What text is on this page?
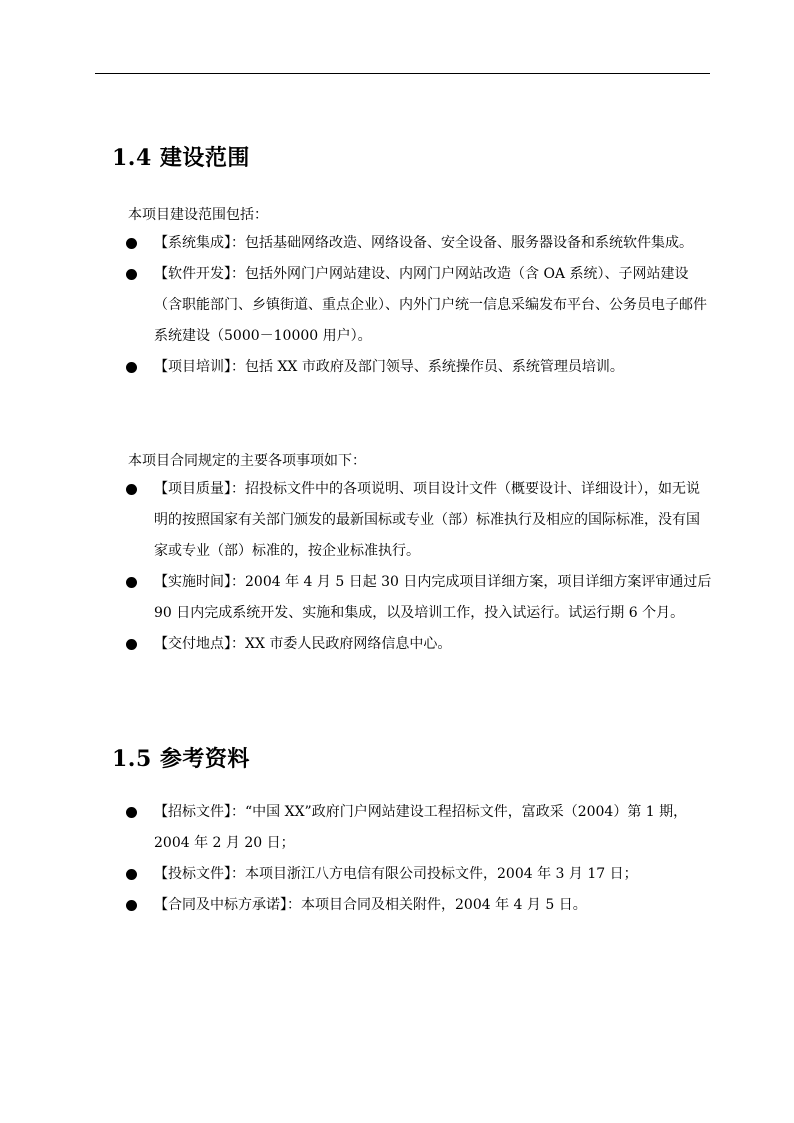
1.4 建设范围

本项目建设范围包括：

【系统集成】：包括基础网络改造、网络设备、安全设备、服务器设备和系统软件集成。
【软件开发】：包括外网门户网站建设、内网门户网站改造（含 OA 系统）、子网站建设（含职能部门、乡镇街道、重点企业）、内外门户统一信息采编发布平台、公务员电子邮件系统建设（5000－10000 用户）。
【项目培训】：包括 XX 市政府及部门领导、系统操作员、系统管理员培训。

本项目合同规定的主要各项事项如下：

【项目质量】：招投标文件中的各项说明、项目设计文件（概要设计、详细设计），如无说明的按照国家有关部门颁发的最新国标或专业（部）标准执行及相应的国际标准，没有国家或专业（部）标准的，按企业标准执行。
【实施时间】：2004 年 4 月 5 日起 30 日内完成项目详细方案，项目详细方案评审通过后 90 日内完成系统开发、实施和集成，以及培训工作，投入试运行。试运行期 6 个月。
【交付地点】：XX 市委人民政府网络信息中心。
1.5 参考资料
【招标文件】：“中国 XX”政府门户网站建设工程招标文件，富政采（2004）第 1 期，2004 年 2 月 20 日；
【投标文件】：本项目浙江八方电信有限公司投标文件，2004 年 3 月 17 日；
【合同及中标方承诺】：本项目合同及相关附件，2004 年 4 月 5 日。
